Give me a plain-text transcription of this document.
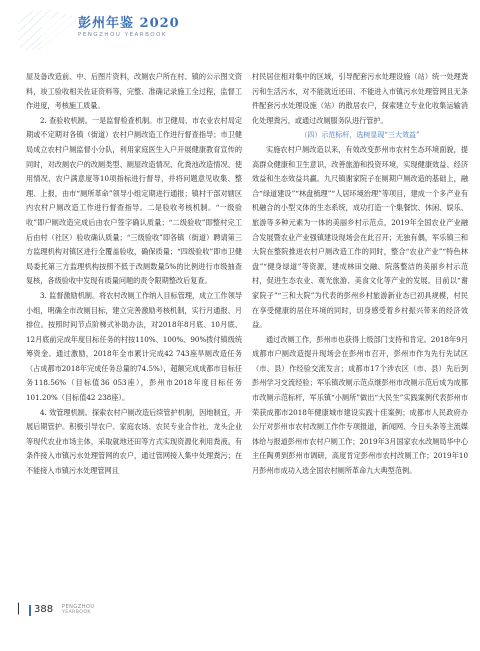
彭州年鉴 2020
PENGZHOU YEARBOOK

屋及备改造前、中、后图片资料，改厕农户所在村、镇的公示图文资料，竣工验收相关佐证资料等，完整、准确记录施工全过程，监督工作进度，考核施工质量。

2. 查验收机制。一是监督检查机制。市卫健局、市农业农村局定期或不定期对各镇（街道）农村户厕改造工作进行督查指导；市卫健局成立农村户厕监督小分队，利用家庭医生入户开展健康教育宣传的同时，对改厕农户的改厕类型、厕屋改造情况、化粪池改造情况、使用情况、农户满意度等10项指标进行督导，并将问题意见收集、整理、上报，由市“厕所革命”领导小组定期进行通报；镇村干部对辖区内农村户厕改造工作进行督查指导。二是验收考核机制。“一级验收”即户厕改造完成后由农户签字确认质量；“二级验收”即整村完工后由村（社区）验收确认质量；“三级验收”即各镇（街道）聘请第三方监理机构对镇区进行全覆盖验收，确保质量；“四级验收”即市卫健局委托第三方监理机构按照不低于改厕数量5%的比例进行市级抽查复核，各级验收中发现有质量问题的责令限期整改后复查。

3. 监督激励机制。将农村改厕工作纳入目标管理，成立工作领导小组，明确全市改厕目标，建立完善激励考核机制，实行月通报、月排位。按照时间节点阶梯式补助办法，对2018年8月底、10月底、12月底前完成年度目标任务的村按110%、100%、90%拨付镇级统筹资金。通过激励，2018年全市累计完成42 743座旱厕改造任务（占成都市2018年完成任务总量的74.5%），超额完成成都市目标任务118.56%（目标值36 053座），彭州市2018年度目标任务101.20%（目标值42 238座）。

4. 效管理机制。探索农村户厕改造后续管护机制，因地制宜，开展后期管护。积极引导农户、家庭农场、农民专业合作社、龙头企业等现代农业市场主体，采取就地还田等方式实现资源化利用粪液。有条件接入市镇污水处理管网的农户，通过管网接入集中处理粪污；在不能接入市镇污水处理管网且

村民居住相对集中的区域，引导配套污水处理设施（站）统一处理粪污和生活污水，对不能就近还田、不能进入市镇污水处理管网且无条件配套污水处理设施（站）的散居农户，探索建立专业化收集运输消化处理粪污，或通过改厕服务队进行管护。

（四）示范标杆，选树显现“三大效益”

实施农村户厕改造以来，有效改变彭州市农村生态环境面貌，提高群众健康和卫生意识，改善旅游和投资环境，实现健康效益、经济效益和生态效益共赢。九尺镇谢家院子在厕期户厕改造的基础上，融合“绿道建设”“林盘梳理”“人居环境治理”等项目，建成一个多产业有机融合的小型文体的生态系统，成功打造一个集餐饮、休闲、娱乐、旅游等多种元素为一体的美丽乡村示范点，2019年全国农业产业融合发展暨农业产业强镇建设现场会在此召开；无独有偶，军乐镇三和大院在整院推进农村户厕改造工作的同时，整合“农业产业”“特色林盘”“健身绿道”等资源，建成林田交融、院落整洁的美丽乡村示范村，促进生态农业、观光旅游、美食文化等产业的发展。目前以“谢家院子”“三和大院”为代表的彭州乡村旅游新业态已初具规模，村民在享受健康的居住环境的同时，切身感受着乡村振兴带来的经济效益。

通过改厕工作，彭州市也获得上级部门支持和肯定。2018年9月成都市户厕改造提升现场会在彭州市召开，彭州市作为先行先试区（市、县）作经验交流发言；成都市17个涉农区（市、县）先后到彭州学习交流经验；军乐镇改厕示范点继彭州市改厕示范后成为成都市改厕示范标杆，军乐镇“小厕所”做出“大民生”实践案例代表彭州市荣获成都市2018年健康城市建设实践十佳案例；成都市人民政府办公厅对彭州市农村改厕工作作专项报道，新闻网、今日头条等主流媒体给与报道彭州市农村户厕工作；2019年3月国家农水改厕局华中心主任陶勇到彭州市调研，高度肯定彭州市农村改厕工作；2019年10月彭州市成功入选全国农村厕所革命九大典型范例。

▏ 388 PENGZHOU
YEARBOOK
